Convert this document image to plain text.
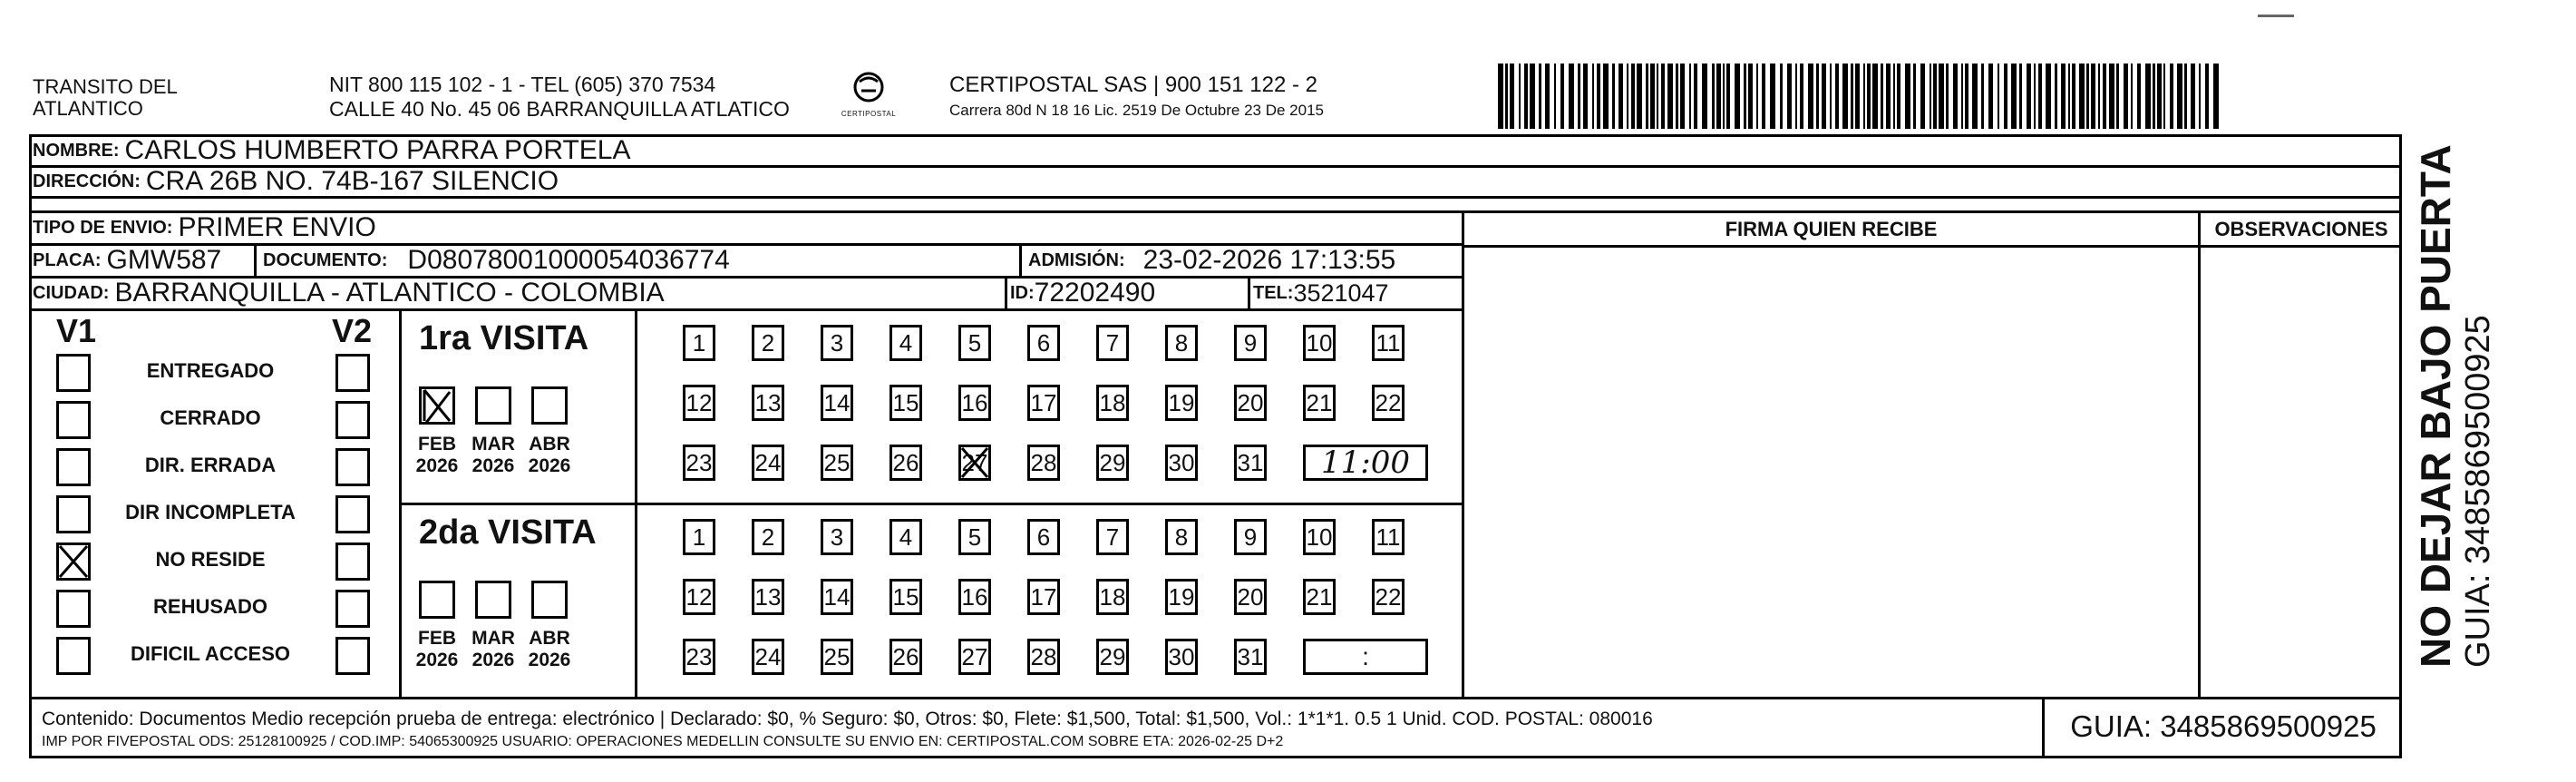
TRANSITO DEL
ATLANTICO
NIT 800 115 102 - 1 - TEL (605) 370 7534
CALLE 40 No. 45 06 BARRANQUILLA ATLATICO	CERTIPOSTAL
CERTIPOSTAL SAS | 900 151 122 - 2
Carrera 80d N 18 16 Lic. 2519 De Octubre 23 De 2015
NOMBRE: CARLOS HUMBERTO PARRA PORTELA
DIRECCIÓN: CRA 26B NO. 74B-167 SILENCIO
TIPO DE ENVIO: PRIMER ENVIO
PLACA: GMW587 DOCUMENTO: D08078001000054036774	ADMISIÓN: 23-02-2026 17:13:55
CIUDAD: BARRANQUILLA - ATLANTICO - COLOMBIA	ID: 72202490	TEL: 3521047
FIRMA QUIEN RECIBE	OBSERVACIONES
V1	V2
ENTREGADO
CERRADO
DIR. ERRADA
DIR INCOMPLETA
NO RESIDE
REHUSADO
DIFICIL ACCESO
1ra VISITA
FEB
2026
MAR
2026
ABR
2026
1 2 3 4 5 6 7 8 9 10 11
12 13 14 15 16 17 18 19 20 21 22
23 24 25 26 27 28 29 30 31 11:00
2da VISITA
FEB
2026
MAR
2026
ABR
2026
1 2 3 4 5 6 7 8 9 10 11
12 13 14 15 16 17 18 19 20 21 22
23 24 25 26 27 28 29 30 31	:
Contenido: Documentos Medio recepción prueba de entrega: electrónico | Declarado: $0, % Seguro: $0, Otros: $0, Flete: $1,500, Total: $1,500, Vol.: 1*1*1. 0.5 1 Unid. COD. POSTAL: 080016
IMP POR FIVEPOSTAL ODS: 25128100925 / COD.IMP: 54065300925 USUARIO: OPERACIONES MEDELLIN CONSULTE SU ENVIO EN: CERTIPOSTAL.COM SOBRE ETA: 2026-02-25 D+2	GUIA: 3485869500925
NO DEJAR BAJO PUERTA GUIA: 3485869500925
